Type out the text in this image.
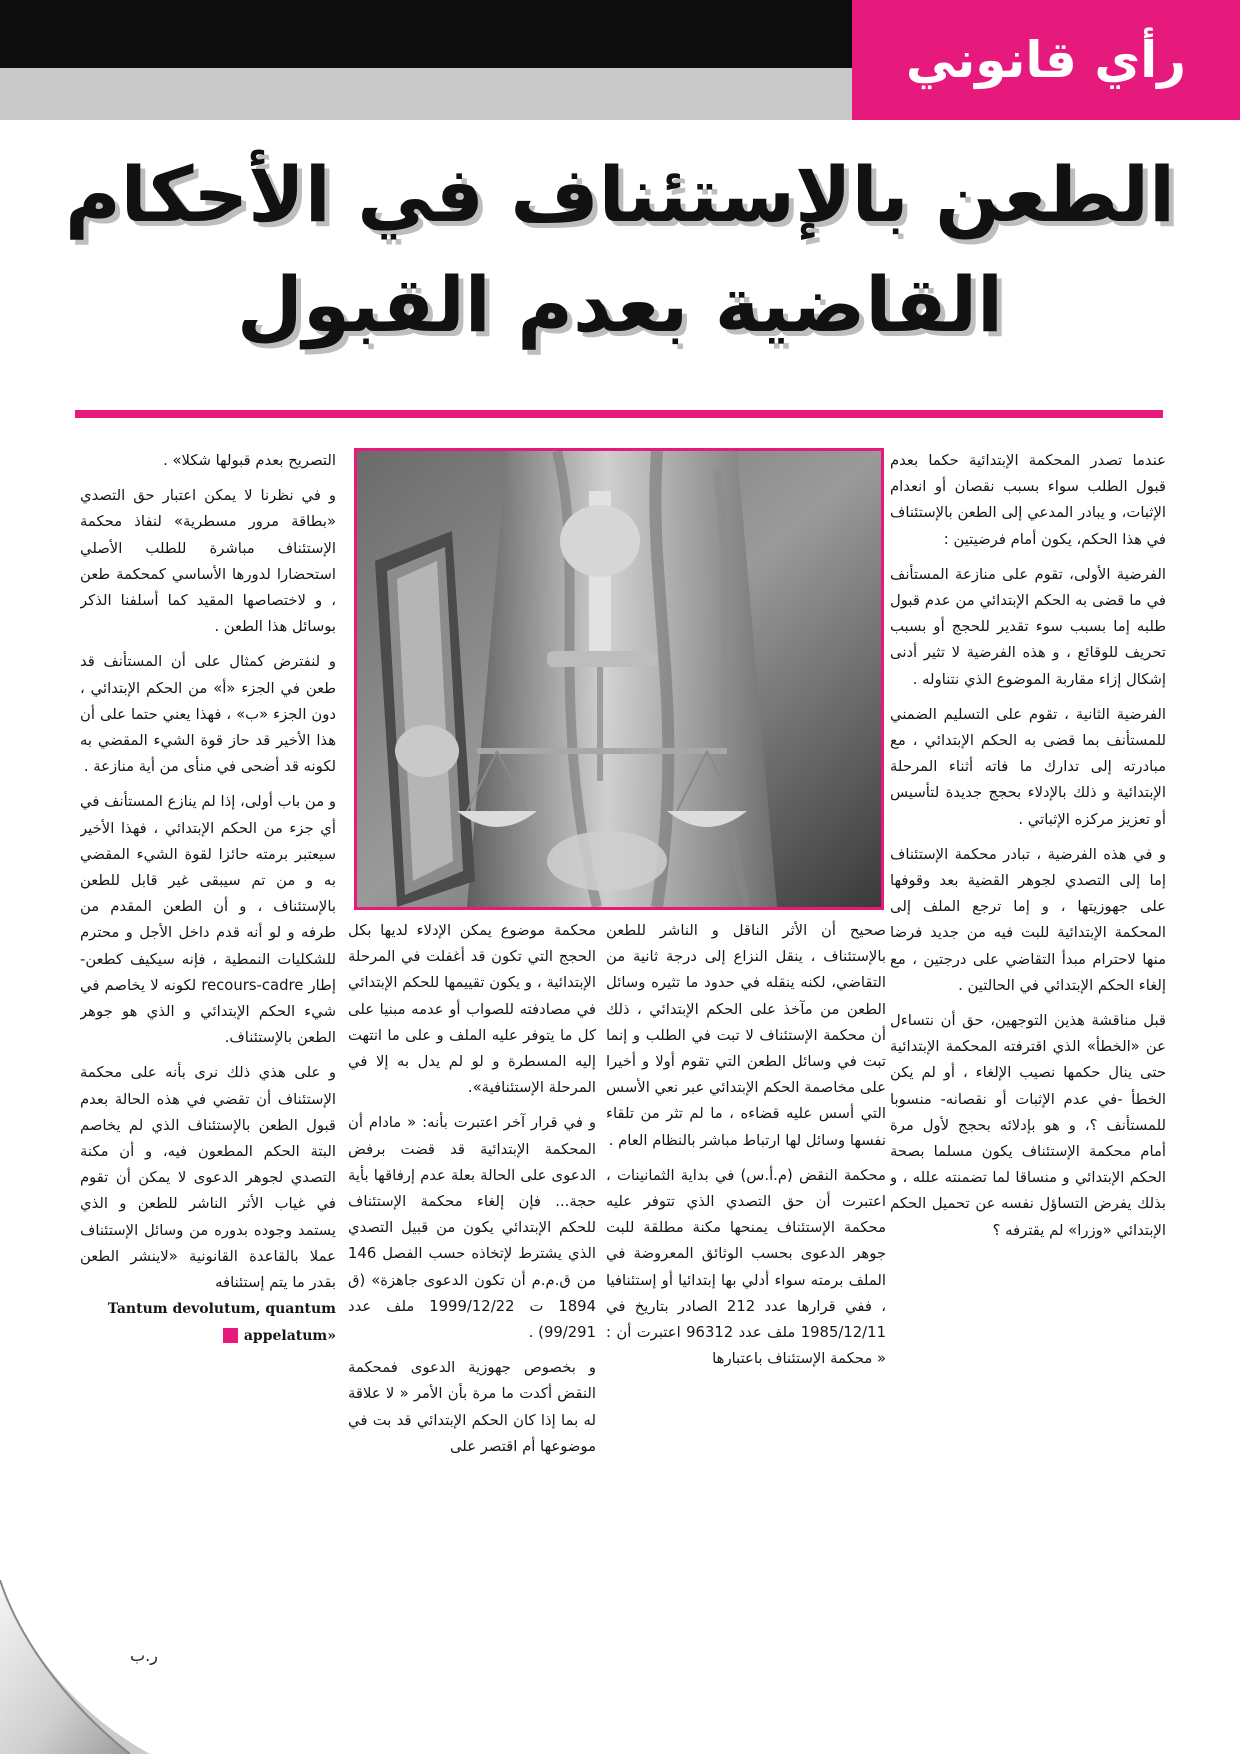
رأي قانوني
الطعن بالإستئناف في الأحكام
القاضية بعدم القبول

عندما تصدر المحكمة الإبتدائية حكما بعدم قبول الطلب سواء بسبب نقصان أو انعدام الإثبات، و يبادر المدعي إلى الطعن بالإستئناف في هذا الحكم، يكون أمام فرضيتين :

الفرضية الأولى، تقوم على منازعة المستأنف في ما قضى به الحكم الإبتدائي من عدم قبول طلبه إما بسبب سوء تقدير للحجج أو بسبب تحريف للوقائع ، و هذه الفرضية لا تثير أدنى إشكال إزاء مقاربة الموضوع الذي نتناوله .

الفرضية الثانية ، تقوم على التسليم الضمني للمستأنف بما قضى به الحكم الإبتدائي ، مع مبادرته إلى تدارك ما فاته أثناء المرحلة الإبتدائية و ذلك بالإدلاء بحجج جديدة لتأسيس أو تعزيز مركزه الإثباتي .

و في هذه الفرضية ، تبادر محكمة الإستئناف إما إلى التصدي لجوهر القضية بعد وقوفها على جهوزيتها ، و إما ترجع الملف إلى المحكمة الإبتدائية للبت فيه من جديد فرضا منها لاحترام مبدأ التقاضي على درجتين ، مع إلغاء الحكم الإبتدائي في الحالتين .

قبل مناقشة هذين التوجهين، حق أن نتساءل عن «الخطأ» الذي اقترفته المحكمة الإبتدائية حتى ينال حكمها نصيب الإلغاء ، أو لم يكن الخطأ -في عدم الإثبات أو نقصانه- منسوبا للمستأنف ؟، و هو بإدلائه بحجج لأول مرة أمام محكمة الإستئناف يكون مسلما بصحة الحكم الإبتدائي و منساقا لما تضمنته علله ، و بذلك يفرض التساؤل نفسه عن تحميل الحكم الإبتدائي «وزرا» لم يقترفه ؟

صحيح أن الأثر الناقل و الناشر للطعن بالإستئناف ، ينقل النزاع إلى درجة ثانية من التقاضي، لكنه ينقله في حدود ما تثيره وسائل الطعن من مآخذ على الحكم الإبتدائي ، ذلك أن محكمة الإستئناف لا تبت في الطلب و إنما تبت في وسائل الطعن التي تقوم أولا و أخيرا على مخاصمة الحكم الإبتدائي عبر نعي الأسس التي أسس عليه قضاءه ، ما لم تثر من تلقاء نفسها وسائل لها ارتباط مباشر بالنظام العام .

محكمة النقض (م.أ.س) في بداية الثمانينات ، اعتبرت أن حق التصدي الذي تتوفر عليه محكمة الإستئناف يمنحها مكنة مطلقة للبت جوهر الدعوى بحسب الوثائق المعروضة في الملف برمته سواء أدلي بها إبتدائيا أو إستئنافيا ، ففي قرارها عدد 212 الصادر بتاريخ في 1985/12/11 ملف عدد 96312 اعتبرت أن : « محكمة الإستئناف باعتبارها

محكمة موضوع يمكن الإدلاء لديها بكل الحجج التي تكون قد أغفلت في المرحلة الإبتدائية ، و يكون تقييمها للحكم الإبتدائي في مصادفته للصواب أو عدمه مبنيا على كل ما يتوفر عليه الملف و على ما انتهت إليه المسطرة و لو لم يدل به إلا في المرحلة الإستئنافية».

و في قرار آخر اعتبرت بأنه: « مادام أن المحكمة الإبتدائية قد قضت برفض الدعوى على الحالة بعلة عدم إرفاقها بأية حجة... فإن إلغاء محكمة الإستئناف للحكم الإبتدائي يكون من قبيل التصدي الذي يشترط لإتخاذه حسب الفصل 146 من ق.م.م أن تكون الدعوى جاهزة» (ق 1894 ت 1999/12/22 ملف عدد 99/291) .

و بخصوص جهوزية الدعوى فمحكمة النقض أكدت ما مرة بأن الأمر « لا علاقة له بما إذا كان الحكم الإبتدائي قد بت في موضوعها أم اقتصر على

التصريح بعدم قبولها شكلا» .

و في نظرنا لا يمكن اعتبار حق التصدي «بطاقة مرور مسطرية» لنفاذ محكمة الإستئناف مباشرة للطلب الأصلي استحضارا لدورها الأساسي كمحكمة طعن ، و لاختصاصها المقيد كما أسلفنا الذكر بوسائل هذا الطعن .

و لنفترض كمثال على أن المستأنف قد طعن في الجزء «أ» من الحكم الإبتدائي ، دون الجزء «ب» ، فهذا يعني حتما على أن هذا الأخير قد حاز قوة الشيء المقضي به لكونه قد أضحى في منأى من أية منازعة .

و من باب أولى، إذا لم ينازع المستأنف في أي جزء من الحكم الإبتدائي ، فهذا الأخير سيعتبر برمته حائزا لقوة الشيء المقضي به و من تم سيبقى غير قابل للطعن بالإستئناف ، و أن الطعن المقدم من طرفه و لو أنه قدم داخل الأجل و محترم للشكليات النمطية ، فإنه سيكيف كطعن-إطار recours-cadre لكونه لا يخاصم في شيء الحكم الإبتدائي و الذي هو جوهر الطعن بالإستئناف.

و على هذي ذلك نرى بأنه على محكمة الإستئناف أن تقضي في هذه الحالة بعدم قبول الطعن بالإستئناف الذي لم يخاصم البتة الحكم المطعون فيه، و أن مكنة التصدي لجوهر الدعوى لا يمكن أن تقوم في غياب الأثر الناشر للطعن و الذي يستمد وجوده بدوره من وسائل الإستئناف عملا بالقاعدة القانونية «لاينشر الطعن بقدر ما يتم إستئنافه

Tantum devolutum, quantum
appelatum»
ر.ب
